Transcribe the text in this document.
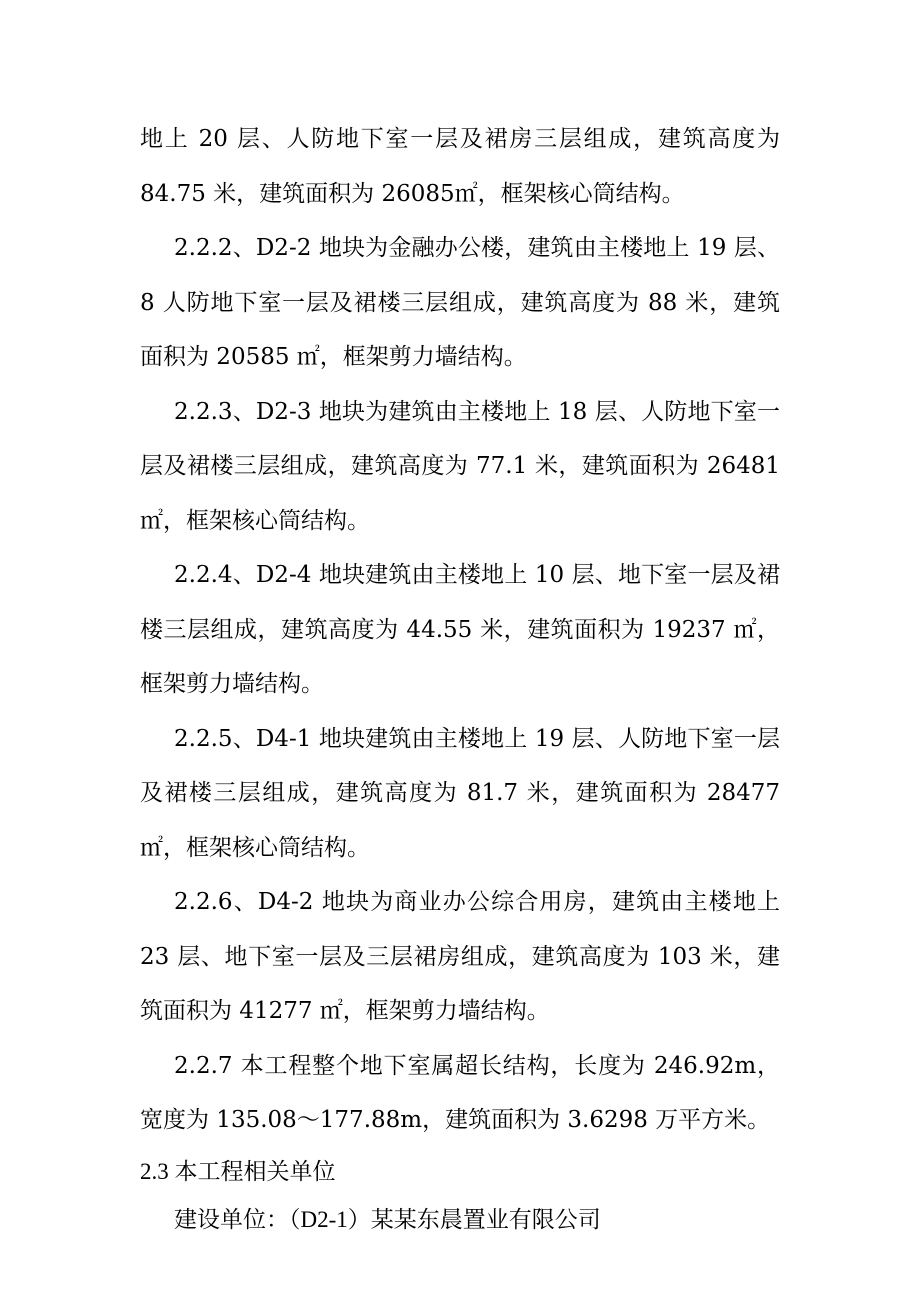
地上 20 层、人防地下室一层及裙房三层组成，建筑高度为 84.75 米，建筑面积为 26085㎡，框架核心筒结构。

2.2.2、D2-2 地块为金融办公楼，建筑由主楼地上 19 层、8 人防地下室一层及裙楼三层组成，建筑高度为 88 米，建筑面积为 20585 ㎡，框架剪力墙结构。

2.2.3、D2-3 地块为建筑由主楼地上 18 层、人防地下室一层及裙楼三层组成，建筑高度为 77.1 米，建筑面积为 26481 ㎡，框架核心筒结构。

2.2.4、D2-4 地块建筑由主楼地上 10 层、地下室一层及裙楼三层组成，建筑高度为 44.55 米，建筑面积为 19237 ㎡，框架剪力墙结构。

2.2.5、D4-1 地块建筑由主楼地上 19 层、人防地下室一层及裙楼三层组成，建筑高度为 81.7 米，建筑面积为 28477 ㎡，框架核心筒结构。

2.2.6、D4-2 地块为商业办公综合用房，建筑由主楼地上 23 层、地下室一层及三层裙房组成，建筑高度为 103 米，建筑面积为 41277 ㎡，框架剪力墙结构。

2.2.7 本工程整个地下室属超长结构，长度为 246.92m，宽度为 135.08～177.88m，建筑面积为 3.6298 万平方米。

2.3 本工程相关单位

建设单位：（D2-1）某某东晨置业有限公司
